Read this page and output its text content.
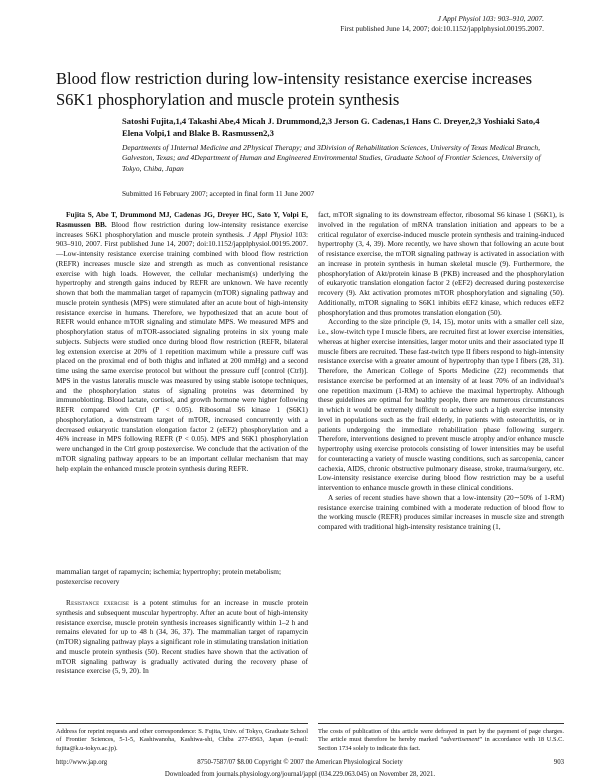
J Appl Physiol 103: 903–910, 2007.
First published June 14, 2007; doi:10.1152/japplphysiol.00195.2007.
Blood flow restriction during low-intensity resistance exercise increases S6K1 phosphorylation and muscle protein synthesis
Satoshi Fujita,1,4 Takashi Abe,4 Micah J. Drummond,2,3 Jerson G. Cadenas,1 Hans C. Dreyer,2,3 Yoshiaki Sato,4 Elena Volpi,1 and Blake B. Rasmussen2,3
Departments of 1Internal Medicine and 2Physical Therapy; and 3Division of Rehabilitation Sciences, University of Texas Medical Branch, Galveston, Texas; and 4Department of Human and Engineered Environmental Studies, Graduate School of Frontier Sciences, University of Tokyo, Chiba, Japan
Submitted 16 February 2007; accepted in final form 11 June 2007
Fujita S, Abe T, Drummond MJ, Cadenas JG, Dreyer HC, Sato Y, Volpi E, Rasmussen BB. Blood flow restriction during low-intensity resistance exercise increases S6K1 phosphorylation and muscle protein synthesis. J Appl Physiol 103: 903–910, 2007. First published June 14, 2007; doi:10.1152/japplphysiol.00195.2007.—Low-intensity resistance exercise training combined with blood flow restriction (REFR) increases muscle size and strength as much as conventional resistance exercise with high loads. However, the cellular mechanism(s) underlying the hypertrophy and strength gains induced by REFR are unknown. We have recently shown that both the mammalian target of rapamycin (mTOR) signaling pathway and muscle protein synthesis (MPS) were stimulated after an acute bout of high-intensity resistance exercise in humans. Therefore, we hypothesized that an acute bout of REFR would enhance mTOR signaling and stimulate MPS. We measured MPS and phosphorylation status of mTOR-associated signaling proteins in six young male subjects. Subjects were studied once during blood flow restriction (REFR, bilateral leg extension exercise at 20% of 1 repetition maximum while a pressure cuff was placed on the proximal end of both thighs and inflated at 200 mmHg) and a second time using the same exercise protocol but without the pressure cuff [control (Ctrl)]. MPS in the vastus lateralis muscle was measured by using stable isotope techniques, and the phosphorylation status of signaling proteins was determined by immunoblotting. Blood lactate, cortisol, and growth hormone were higher following REFR compared with Ctrl (P < 0.05). Ribosomal S6 kinase 1 (S6K1) phosphorylation, a downstream target of mTOR, increased concurrently with a decreased eukaryotic translation elongation factor 2 (eEF2) phosphorylation and a 46% increase in MPS following REFR (P < 0.05). MPS and S6K1 phosphorylation were unchanged in the Ctrl group postexercise. We conclude that the activation of the mTOR signaling pathway appears to be an important cellular mechanism that may help explain the enhanced muscle protein synthesis during REFR.
mammalian target of rapamycin; ischemia; hypertrophy; protein metabolism; postexercise recovery
Resistance exercise is a potent stimulus for an increase in muscle protein synthesis and subsequent muscular hypertrophy. After an acute bout of high-intensity resistance exercise, muscle protein synthesis increases significantly within 1–2 h and remains elevated for up to 48 h (34, 36, 37). The mammalian target of rapamycin (mTOR) signaling pathway plays a significant role in stimulating translation initiation and muscle protein synthesis (50). Recent studies have shown that the activation of mTOR signaling pathway is gradually activated during the recovery phase of resistance exercise (5, 9, 20). In
fact, mTOR signaling to its downstream effector, ribosomal S6 kinase 1 (S6K1), is involved in the regulation of mRNA translation initiation and appears to be a critical regulator of exercise-induced muscle protein synthesis and training-induced hypertrophy (3, 4, 39). More recently, we have shown that following an acute bout of resistance exercise, the mTOR signaling pathway is activated in association with an increase in protein synthesis in human skeletal muscle (9). Furthermore, the phosphorylation of Akt/protein kinase B (PKB) increased and the phosphorylation of eukaryotic translation elongation factor 2 (eEF2) decreased during postexercise recovery (9). Akt activation promotes mTOR phosphorylation and signaling (50). Additionally, mTOR signaling to S6K1 inhibits eEF2 kinase, which reduces eEF2 phosphorylation and thus promotes translation elongation (50).
According to the size principle (9, 14, 15), motor units with a smaller cell size, i.e., slow-twitch type I muscle fibers, are recruited first at lower exercise intensities, whereas at higher exercise intensities, larger motor units and their associated type II muscle fibers are recruited. These fast-twitch type II fibers respond to high-intensity resistance exercise with a greater amount of hypertrophy than type I fibers (28, 31). Therefore, the American College of Sports Medicine (22) recommends that resistance exercise be performed at an intensity of at least 70% of an individual’s one repetition maximum (1-RM) to achieve the maximal hypertrophy. Although these guidelines are optimal for healthy people, there are numerous circumstances in which it would be extremely difficult to achieve such a high exercise intensity level in populations such as the frail elderly, in patients with osteoarthritis, or in patients undergoing the immediate rehabilitation phase following surgery. Therefore, interventions designed to prevent muscle atrophy and/or enhance muscle hypertrophy using exercise protocols consisting of lower intensities may be useful for counteracting a variety of muscle wasting conditions, such as sarcopenia, cancer cachexia, AIDS, chronic obstructive pulmonary disease, stroke, trauma/surgery, etc. Low-intensity resistance exercise during blood flow restriction may be a useful intervention to enhance muscle growth in these clinical conditions.
A series of recent studies have shown that a low-intensity (20∼50% of 1-RM) resistance exercise training combined with a moderate reduction of blood flow to the working muscle (REFR) produces similar increases in muscle size and strength compared with traditional high-intensity resistance training (1,
Address for reprint requests and other correspondence: S. Fujita, Univ. of Tokyo, Graduate School of Frontier Sciences, 5-1-5, Kashiwanoha, Kashiwa-shi, Chiba 277-8563, Japan (e-mail: fujita@k.u-tokyo.ac.jp).
The costs of publication of this article were defrayed in part by the payment of page charges. The article must therefore be hereby marked “advertisement” in accordance with 18 U.S.C. Section 1734 solely to indicate this fact.
http://www.jap.org	8750-7587/07 $8.00 Copyright © 2007 the American Physiological Society	903
Downloaded from journals.physiology.org/journal/jappl (034.229.063.045) on November 28, 2021.
